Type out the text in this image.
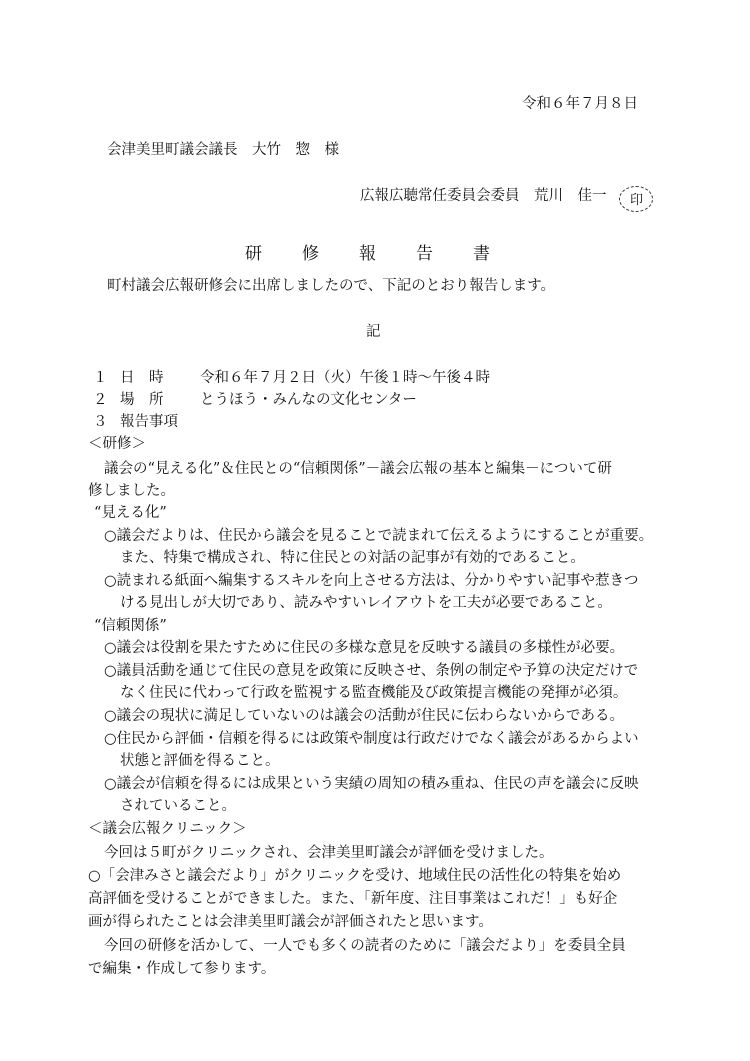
令和６年７月８日
会津美里町議会議長　大竹　惣　様
広報広聴常任委員会委員　荒川　佳一 印
研修報告書
町村議会広報研修会に出席しましたので、下記のとおり報告します。
記
１ 日　時	令和６年７月２日（火）午後１時～午後４時
２ 場　所	とうほう・みんなの文化センター
３ 報告事項
＜研修＞
議会の“見える化”＆住民との“信頼関係”－議会広報の基本と編集－について研
修しました。
“見える化”
○議会だよりは、住民から議会を見ることで読まれて伝えるようにすることが重要。
また、特集で構成され、特に住民との対話の記事が有効的であること。
○読まれる紙面へ編集するスキルを向上させる方法は、分かりやすい記事や惹きつ
ける見出しが大切であり、読みやすいレイアウトを工夫が必要であること。
“信頼関係”
○議会は役割を果たすために住民の多様な意見を反映する議員の多様性が必要。
○議員活動を通じて住民の意見を政策に反映させ、条例の制定や予算の決定だけで
なく住民に代わって行政を監視する監査機能及び政策提言機能の発揮が必須。
○議会の現状に満足していないのは議会の活動が住民に伝わらないからである。
○住民から評価・信頼を得るには政策や制度は行政だけでなく議会があるからよい
状態と評価を得ること。
○議会が信頼を得るには成果という実績の周知の積み重ね、住民の声を議会に反映
されていること。
＜議会広報クリニック＞
今回は５町がクリニックされ、会津美里町議会が評価を受けました。
○「会津みさと議会だより」がクリニックを受け、地域住民の活性化の特集を始め
高評価を受けることができました。また、「新年度、注目事業はこれだ！」も好企
画が得られたことは会津美里町議会が評価されたと思います。
今回の研修を活かして、一人でも多くの読者のために「議会だより」を委員全員
で編集・作成して参ります。
